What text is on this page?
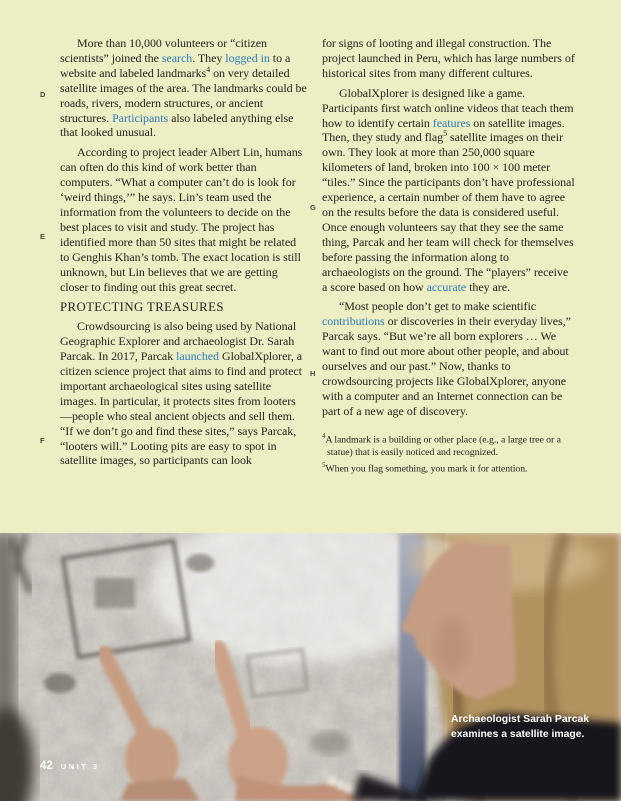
D
E
F
G
H

More than 10,000 volunteers or “citizen scientists” joined the search. They logged in to a website and labeled landmarks$^4$ on very detailed satellite images of the area. The landmarks could be roads, rivers, modern structures, or ancient structures. Participants also labeled anything else that looked unusual.

According to project leader Albert Lin, humans can often do this kind of work better than computers. “What a computer can’t do is look for ‘weird things,’” he says. Lin’s team used the information from the volunteers to decide on the best places to visit and study. The project has identified more than 50 sites that might be related to Genghis Khan’s tomb. The exact location is still unknown, but Lin believes that we are getting closer to finding out this great secret.

PROTECTING TREASURES

Crowdsourcing is also being used by National Geographic Explorer and archaeologist Dr. Sarah Parcak. In 2017, Parcak launched GlobalXplorer, a citizen science project that aims to find and protect important archaeological sites using satellite images. In particular, it protects sites from looters—people who steal ancient objects and sell them. “If we don’t go and find these sites,” says Parcak, “looters will.” Looting pits are easy to spot in satellite images, so participants can look

for signs of looting and illegal construction. The project launched in Peru, which has large numbers of historical sites from many different cultures.

GlobalXplorer is designed like a game. Participants first watch online videos that teach them how to identify certain features on satellite images. Then, they study and flag$^5$ satellite images on their own. They look at more than 250,000 square kilometers of land, broken into 100 × 100 meter “tiles.” Since the participants don’t have professional experience, a certain number of them have to agree on the results before the data is considered useful. Once enough volunteers say that they see the same thing, Parcak and her team will check for themselves before passing the information along to archaeologists on the ground. The “players” receive a score based on how accurate they are.

“Most people don’t get to make scientific contributions or discoveries in their everyday lives,” Parcak says. “But we’re all born explorers … We want to find out more about other people, and about ourselves and our past.” Now, thanks to crowdsourcing projects like GlobalXplorer, anyone with a computer and an Internet connection can be part of a new age of discovery.

$^4$A landmark is a building or other place (e.g., a large tree or a statue) that is easily noticed and recognized.
$^5$When you flag something, you mark it for attention.
Archaeologist Sarah Parcak
examines a satellite image.
42 UNIT 3
